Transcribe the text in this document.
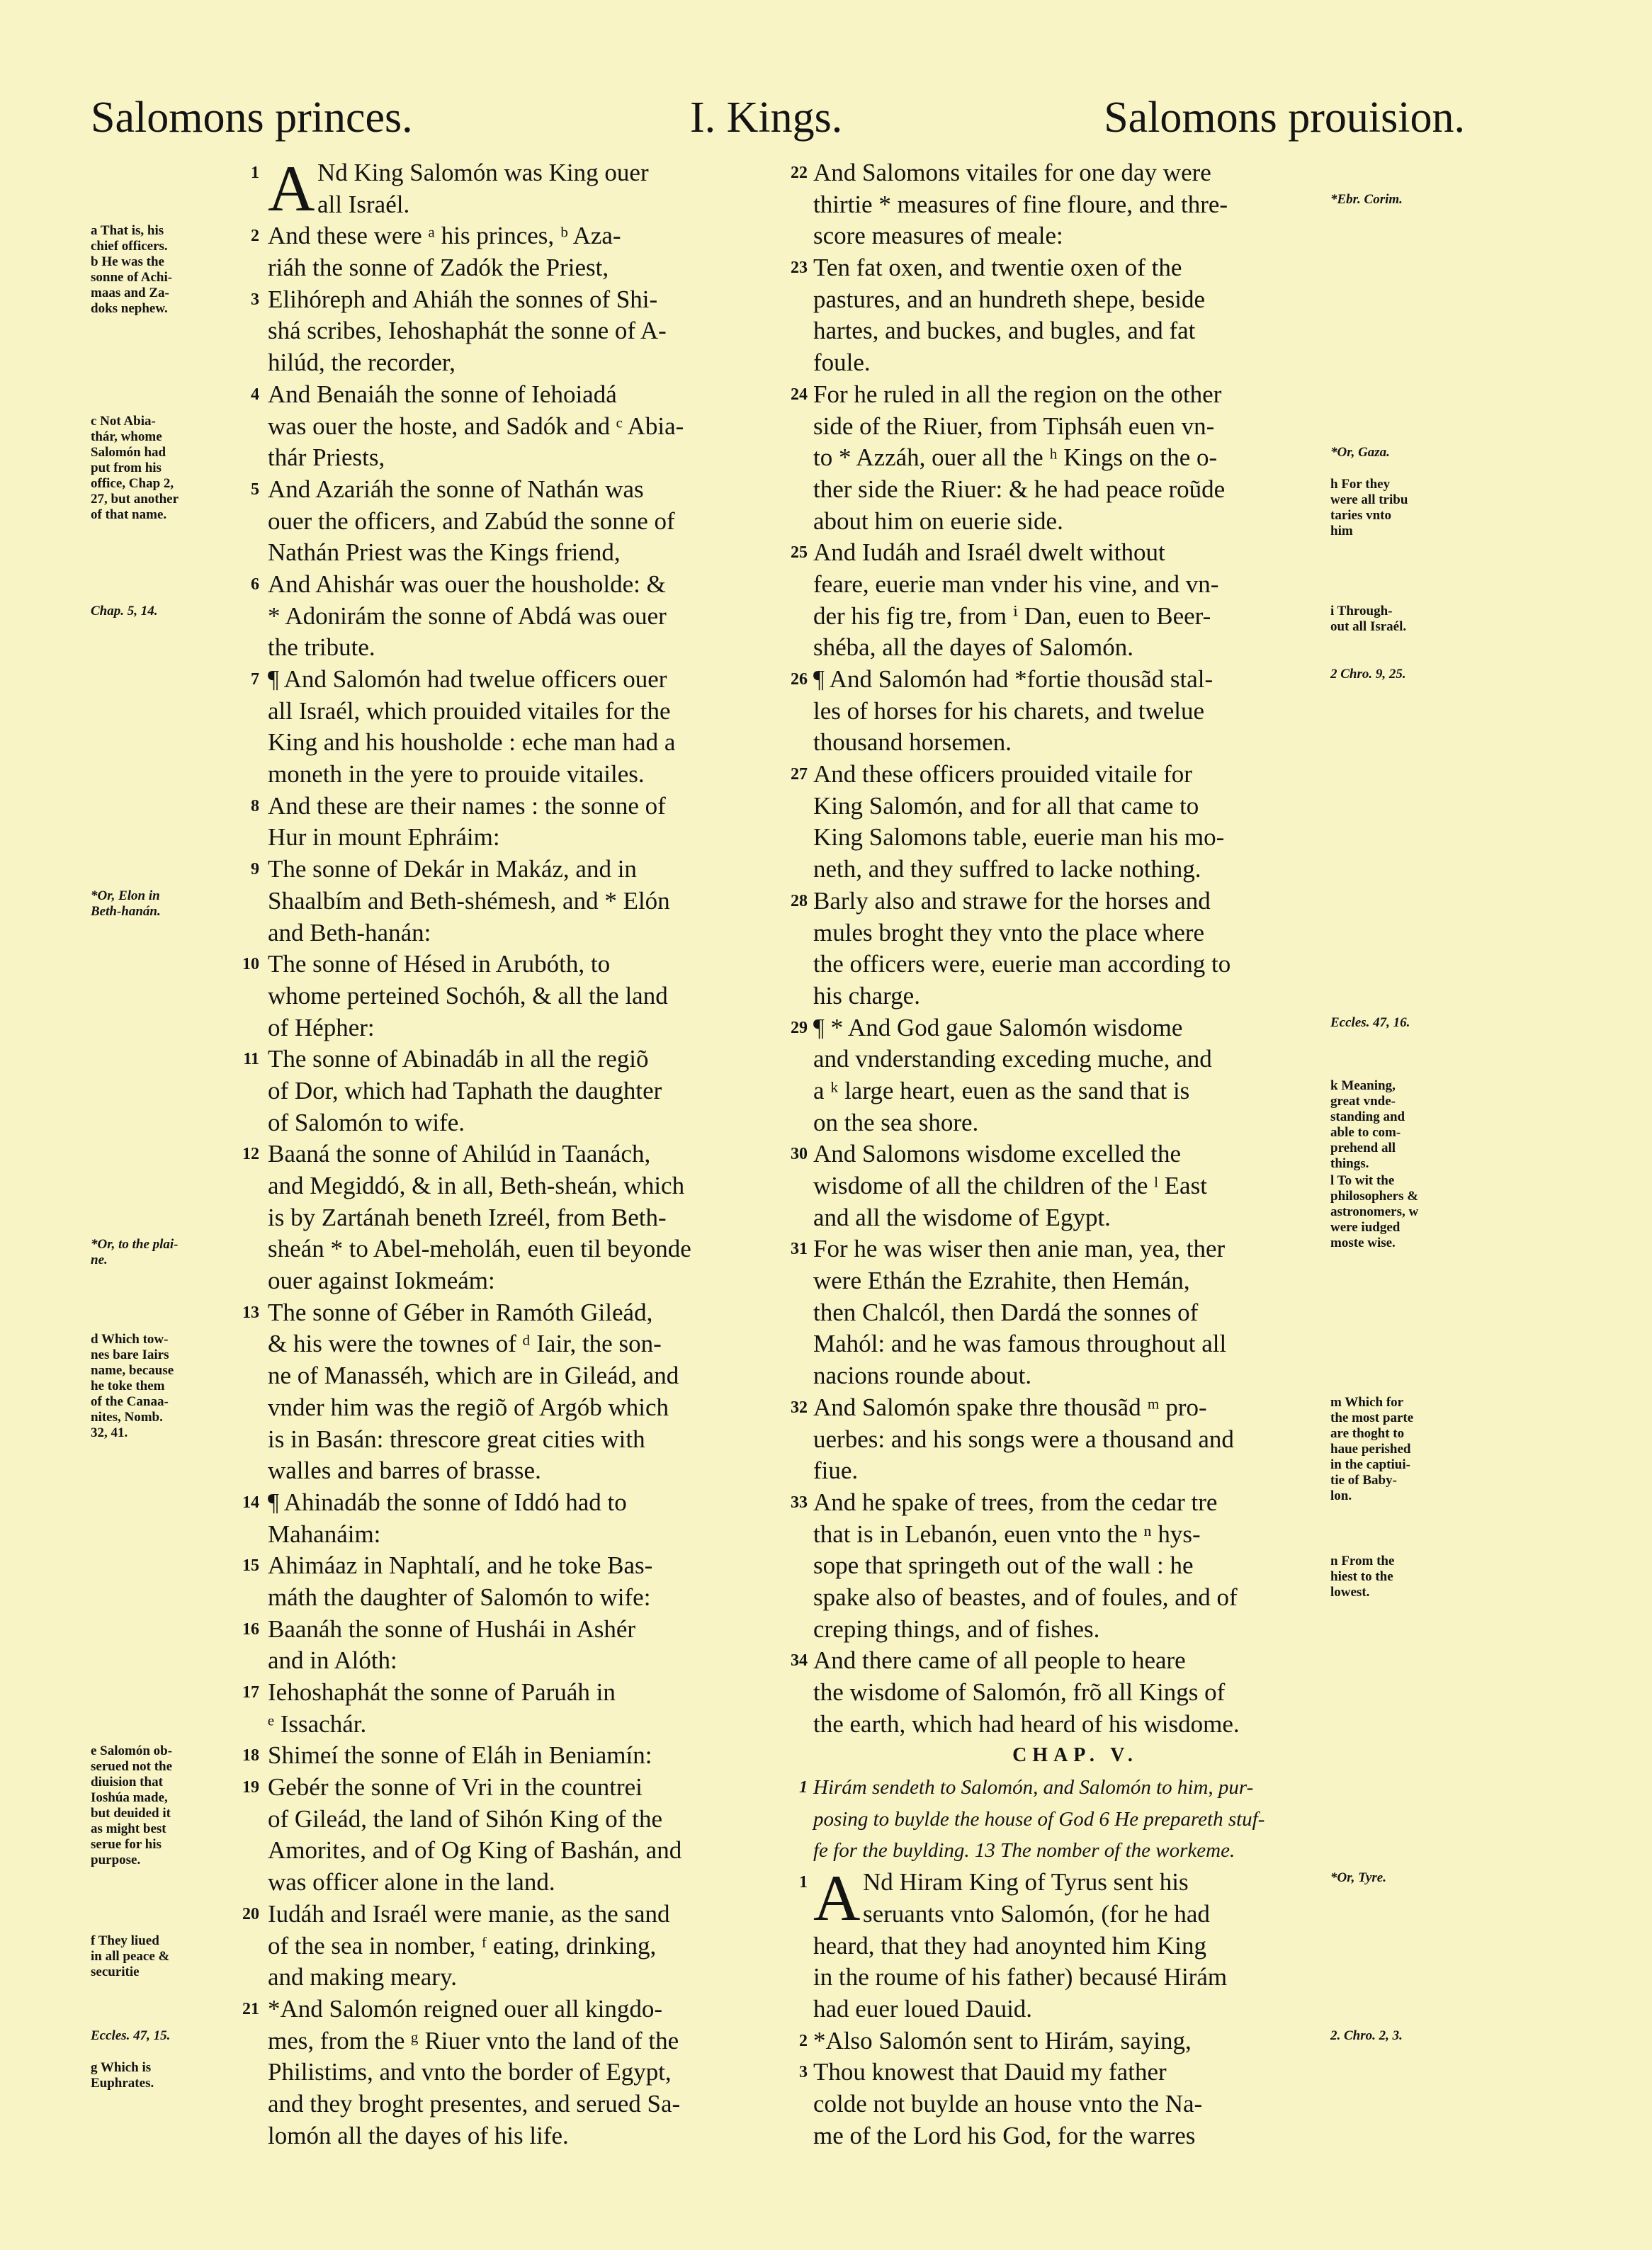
Salomons princes.	I. Kings.	Salomons prouision.
a That is, his
chief officers.
b He was the
sonne of Achi-
maas and Za-
doks nephew.
c Not Abia-
thár, whome
Salomón had
put from his
office, Chap 2,
27, but another
of that name.
Chap. 5, 14.
*Or, Elon in
Beth-hanán.
*Or, to the plai-
ne.
d Which tow-
nes bare Iairs
name, because
he toke them
of the Canaa-
nites, Nomb.
32, 41.
e Salomón ob-
serued not the
diuision that
Ioshúa made,
but deuided it
as might best
serue for his
purpose.
f They liued
in all peace &
securitie
Eccles. 47, 15.
g Which is
Euphrates.
1 A Nd King Salomón was King ouer
all Israél.
2 And these were ᵃ his princes, ᵇ Aza-
riáh the sonne of Zadók the Priest,
3 Elihóreph and Ahiáh the sonnes of Shi-
shá scribes, Iehoshaphát the sonne of A-
hilúd, the recorder,
4 And Benaiáh the sonne of Iehoiadá
was ouer the hoste, and Sadók and ᶜ Abia-
thár Priests,
5 And Azariáh the sonne of Nathán was
ouer the officers, and Zabúd the sonne of
Nathán Priest was the Kings friend,
6 And Ahishár was ouer the housholde: &
* Adonirám the sonne of Abdá was ouer
the tribute.
7 ¶ And Salomón had twelue officers ouer
all Israél, which prouided vitailes for the
King and his housholde : eche man had a
moneth in the yere to prouide vitailes.
8 And these are their names : the sonne of
Hur in mount Ephráim:
9 The sonne of Dekár in Makáz, and in
Shaalbím and Beth-shémesh, and * Elón
and Beth-hanán:
10 The sonne of Hésed in Arubóth, to
whome perteined Sochóh, & all the land
of Hépher:
11 The sonne of Abinadáb in all the regiõ
of Dor, which had Taphath the daughter
of Salomón to wife.
12 Baaná the sonne of Ahilúd in Taanách,
and Megiddó, & in all, Beth-sheán, which
is by Zartánah beneth Izreél, from Beth-
sheán * to Abel-meholáh, euen til beyonde
ouer against Iokmeám:
13 The sonne of Géber in Ramóth Gileád,
& his were the townes of ᵈ Iair, the son-
ne of Manasséh, which are in Gileád, and
vnder him was the regiõ of Argób which
is in Basán: threscore great cities with
walles and barres of brasse.
14 ¶ Ahinadáb the sonne of Iddó had to
Mahanáim:
15 Ahimáaz in Naphtalí, and he toke Bas-
máth the daughter of Salomón to wife:
16 Baanáh the sonne of Hushái in Ashér
and in Alóth:
17 Iehoshaphát the sonne of Paruáh in
ᵉ Issachár.
18 Shimeí the sonne of Eláh in Beniamín:
19 Gebér the sonne of Vri in the countrei
of Gileád, the land of Sihón King of the
Amorites, and of Og King of Bashán, and
was officer alone in the land.
20 Iudáh and Israél were manie, as the sand
of the sea in nomber, ᶠ eating, drinking,
and making meary.
21 *And Salomón reigned ouer all kingdo-
mes, from the ᵍ Riuer vnto the land of the
Philistims, and vnto the border of Egypt,
and they broght presentes, and serued Sa-
lomón all the dayes of his life.
22 And Salomons vitailes for one day were
thirtie * measures of fine floure, and thre-
score measures of meale:
23 Ten fat oxen, and twentie oxen of the
pastures, and an hundreth shepe, beside
hartes, and buckes, and bugles, and fat
foule.
24 For he ruled in all the region on the other
side of the Riuer, from Tiphsáh euen vn-
to * Azzáh, ouer all the ʰ Kings on the o-
ther side the Riuer: & he had peace roũde
about him on euerie side.
25 And Iudáh and Israél dwelt without
feare, euerie man vnder his vine, and vn-
der his fig tre, from ⁱ Dan, euen to Beer-
shéba, all the dayes of Salomón.
26 ¶ And Salomón had *fortie thousãd stal-
les of horses for his charets, and twelue
thousand horsemen.
27 And these officers prouided vitaile for
King Salomón, and for all that came to
King Salomons table, euerie man his mo-
neth, and they suffred to lacke nothing.
28 Barly also and strawe for the horses and
mules broght they vnto the place where
the officers were, euerie man according to
his charge.
29 ¶ * And God gaue Salomón wisdome
and vnderstanding exceding muche, and
a ᵏ large heart, euen as the sand that is
on the sea shore.
30 And Salomons wisdome excelled the
wisdome of all the children of the ˡ East
and all the wisdome of Egypt.
31 For he was wiser then anie man, yea, ther
were Ethán the Ezrahite, then Hemán,
then Chalcól, then Dardá the sonnes of
Mahól: and he was famous throughout all
nacions rounde about.
32 And Salomón spake thre thousãd ᵐ pro-
uerbes: and his songs were a thousand and
fiue.
33 And he spake of trees, from the cedar tre
that is in Lebanón, euen vnto the ⁿ hys-
sope that springeth out of the wall : he
spake also of beastes, and of foules, and of
creping things, and of fishes.
34 And there came of all people to heare
the wisdome of Salomón, frõ all Kings of
the earth, which had heard of his wisdome.
CHAP. V.
1 Hirám sendeth to Salomón, and Salomón to him, pur-
posing to buylde the house of God 6 He prepareth stuf-
fe for the buylding. 13 The nomber of the workeme.
1 A Nd Hiram King of Tyrus sent his
seruants vnto Salomón, (for he had
heard, that they had anoynted him King
in the roume of his father) becausé Hirám
had euer loued Dauid.
2 *Also Salomón sent to Hirám, saying,
3 Thou knowest that Dauid my father
colde not buylde an house vnto the Na-
me of the Lord his God, for the warres
*Ebr. Corim.
*Or, Gaza.
h For they
were all tribu
taries vnto
him
i Through-
out all Israél.
2 Chro. 9, 25.
Eccles. 47, 16.
k Meaning,
great vnde-
standing and
able to com-
prehend all
things.
l To wit the
philosophers &
astronomers, w
were iudged
moste wise.
m Which for
the most parte
are thoght to
haue perished
in the captiui-
tie of Baby-
lon.
n From the
hiest to the
lowest.
*Or, Tyre.
2. Chro. 2, 3.
